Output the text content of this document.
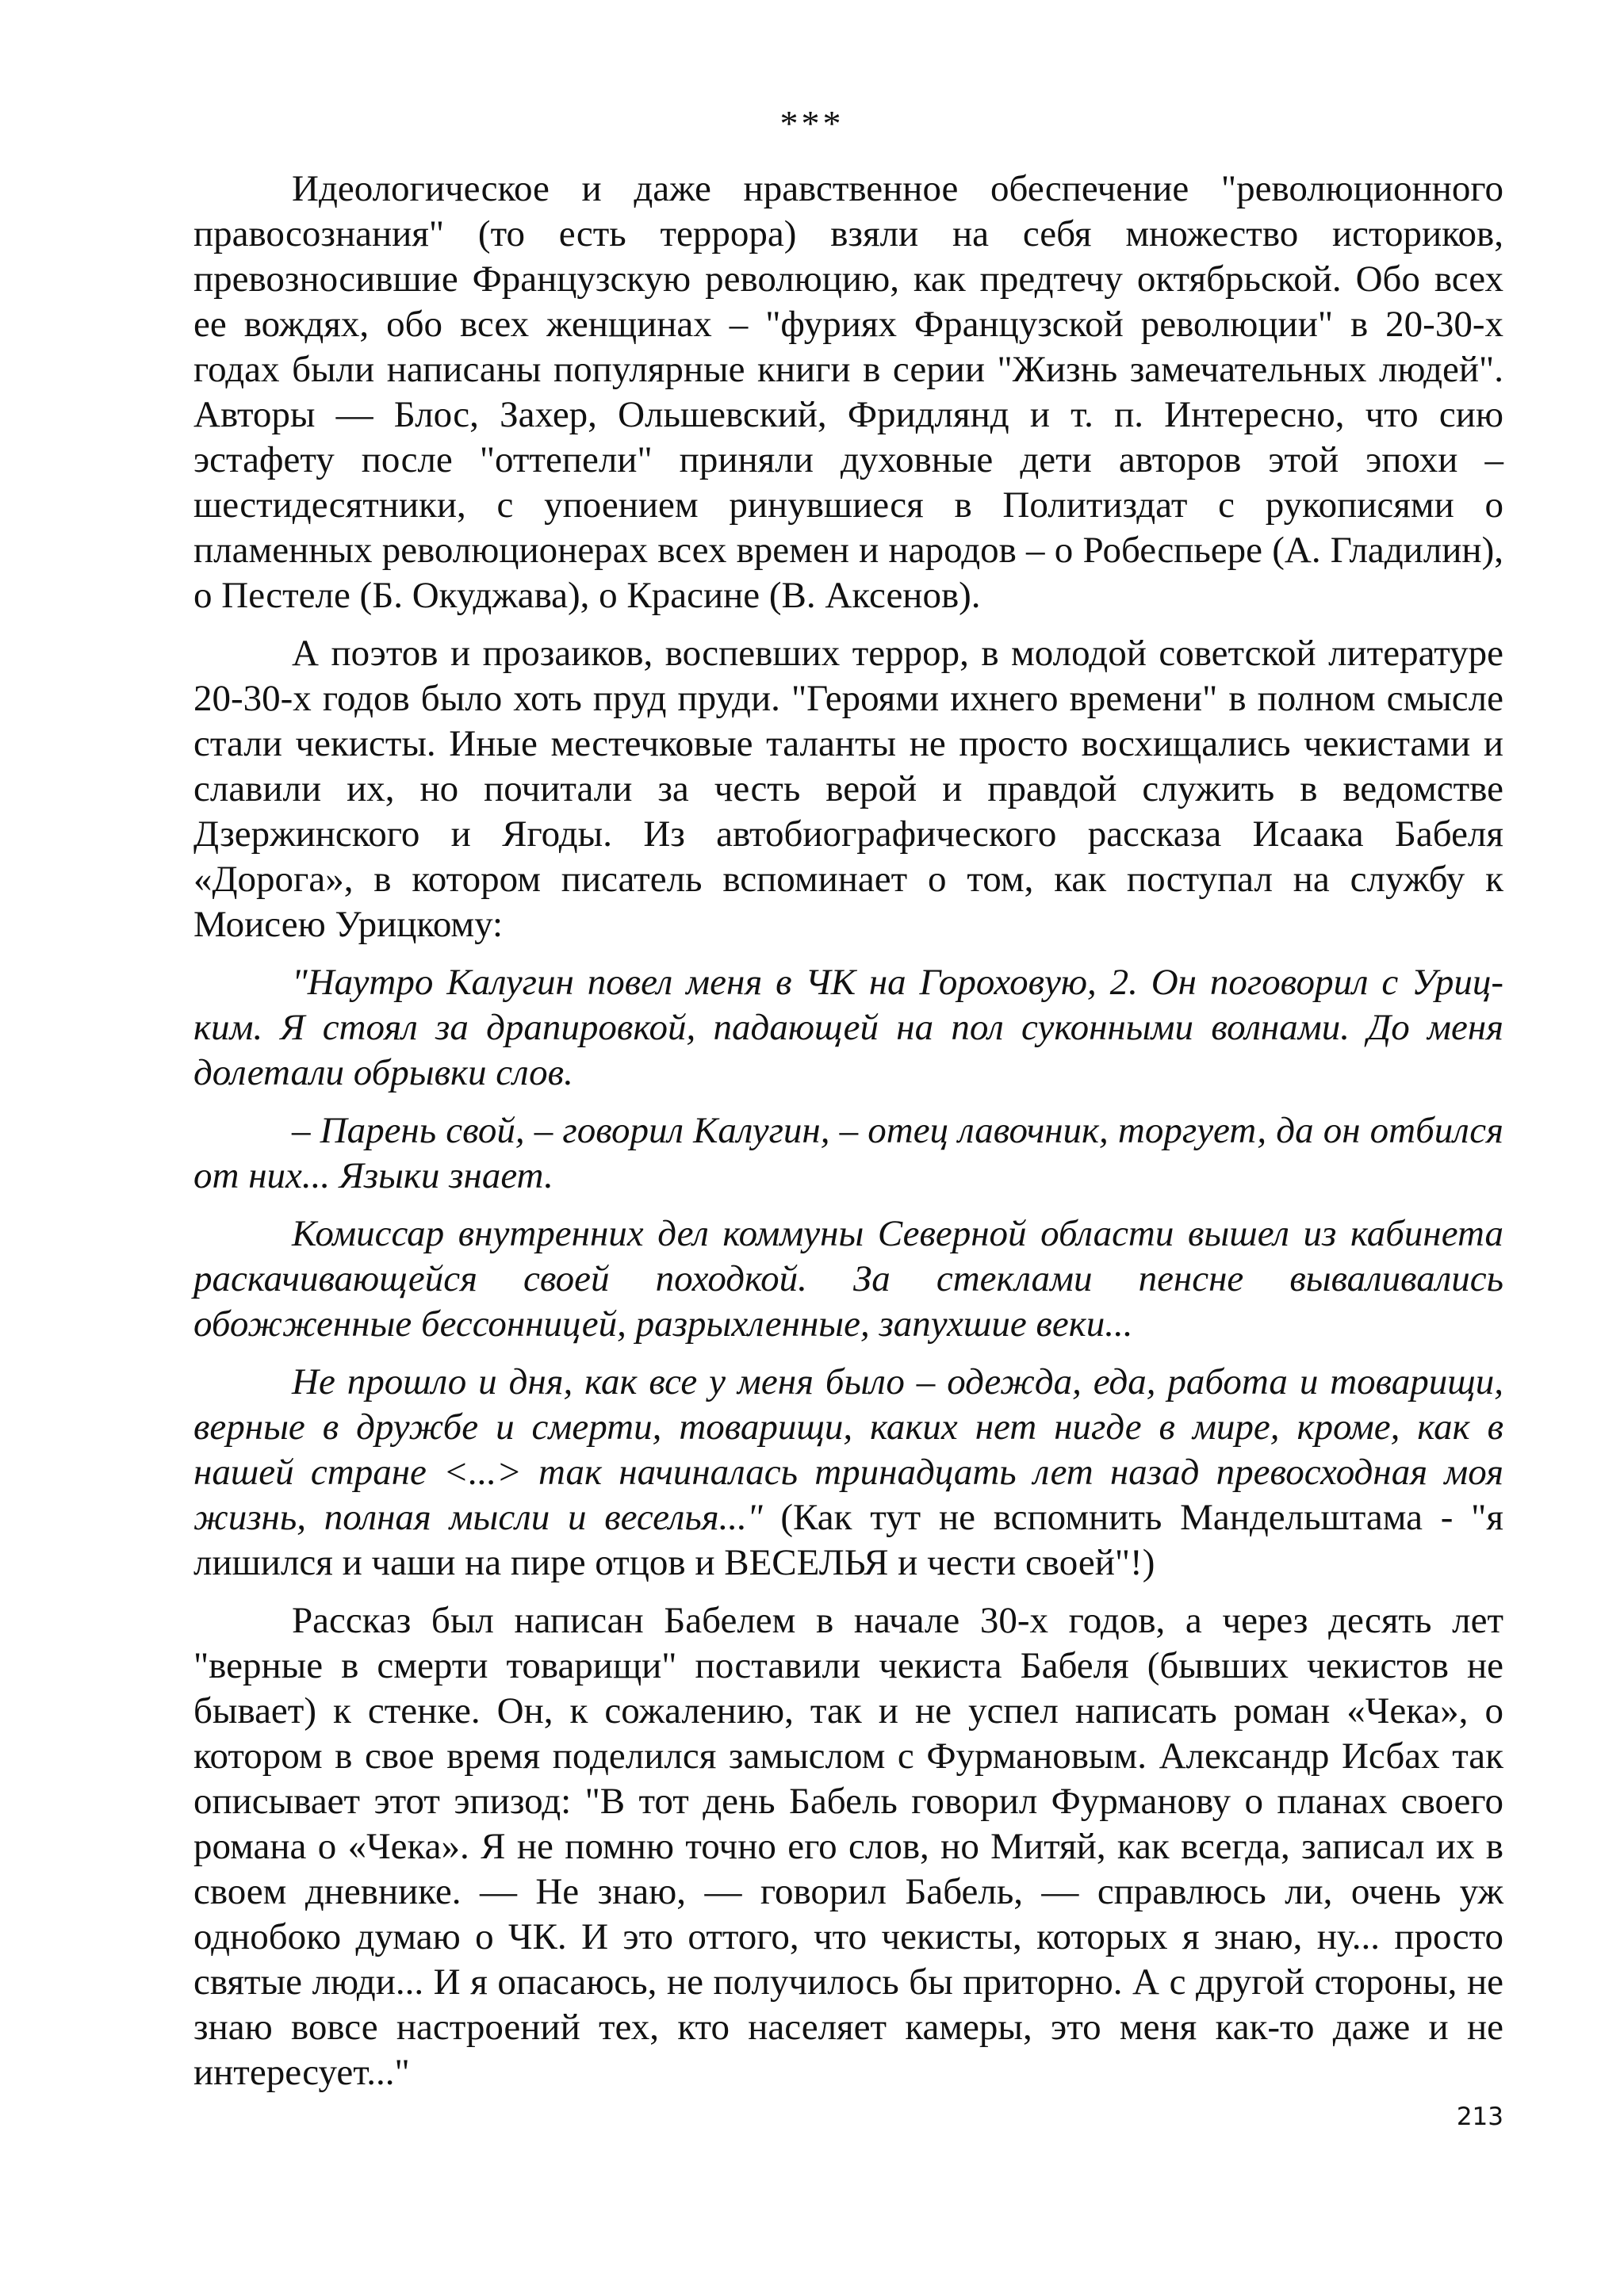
***

Идеологическое и даже нравственное обеспечение "революционного правосознания" (то есть террора) взяли на себя множество историков, превозносившие Французскую революцию, как предтечу октябрьской. Обо всех ее вождях, обо всех женщинах – "фуриях Французской революции" в 20-30-х годах были написаны популярные книги в серии "Жизнь замечательных людей". Авторы — Блос, Захер, Ольшевский, Фридлянд и т. п. Интересно, что сию эстафету после "оттепели" приняли духовные дети авторов этой эпохи – шестидесятники, с упоением ринувшиеся в Политиздат с рукописями о пламенных революционерах всех времен и народов – о Робеспьере (А. Гладилин), о Пестеле (Б. Окуджава), о Красине (В. Аксенов).

А поэтов и прозаиков, воспевших террор, в молодой советской литературе 20-30-х годов было хоть пруд пруди. "Героями ихнего времени" в полном смысле стали чекисты. Иные местечковые таланты не просто восхищались чекистами и славили их, но почитали за честь верой и правдой служить в ведомстве Дзержинского и Ягоды. Из автобиографического рассказа Исаака Бабеля «Дорога», в котором писатель вспоминает о том, как поступал на службу к Моисею Урицкому:

"Наутро Калугин повел меня в ЧК на Гороховую, 2. Он поговорил с Урицким. Я стоял за драпировкой, падающей на пол суконными волнами. До меня долетали обрывки слов.

– Парень свой, – говорил Калугин, – отец лавочник, торгует, да он отбился от них... Языки знает.

Комиссар внутренних дел коммуны Северной области вышел из кабинета раскачивающейся своей походкой. За стеклами пенсне вываливались обожженные бессонницей, разрыхленные, запухшие веки...

Не прошло и дня, как все у меня было – одежда, еда, работа и товарищи, верные в дружбе и смерти, товарищи, каких нет нигде в мире, кроме, как в нашей стране <...> так начиналась тринадцать лет назад превосходная моя жизнь, полная мысли и веселья..." (Как тут не вспомнить Мандельштама - "я лишился и чаши на пире отцов и ВЕСЕЛЬЯ и чести своей"!)

Рассказ был написан Бабелем в начале 30-х годов, а через десять лет "верные в смерти товарищи" поставили чекиста Бабеля (бывших чекистов не бывает) к стенке. Он, к сожалению, так и не успел написать роман «Чека», о котором в свое время поделился замыслом с Фурмановым. Александр Исбах так описывает этот эпизод: "В тот день Бабель говорил Фурманову о планах своего романа о «Чека». Я не помню точно его слов, но Митяй, как всегда, записал их в своем дневнике. — Не знаю, — говорил Бабель, — справлюсь ли, очень уж однобоко думаю о ЧК. И это оттого, что чекисты, которых я знаю, ну... просто святые люди... И я опасаюсь, не получилось бы приторно. А с другой стороны, не знаю вовсе настроений тех, кто населяет камеры, это меня как-то даже и не интересует..."

213
